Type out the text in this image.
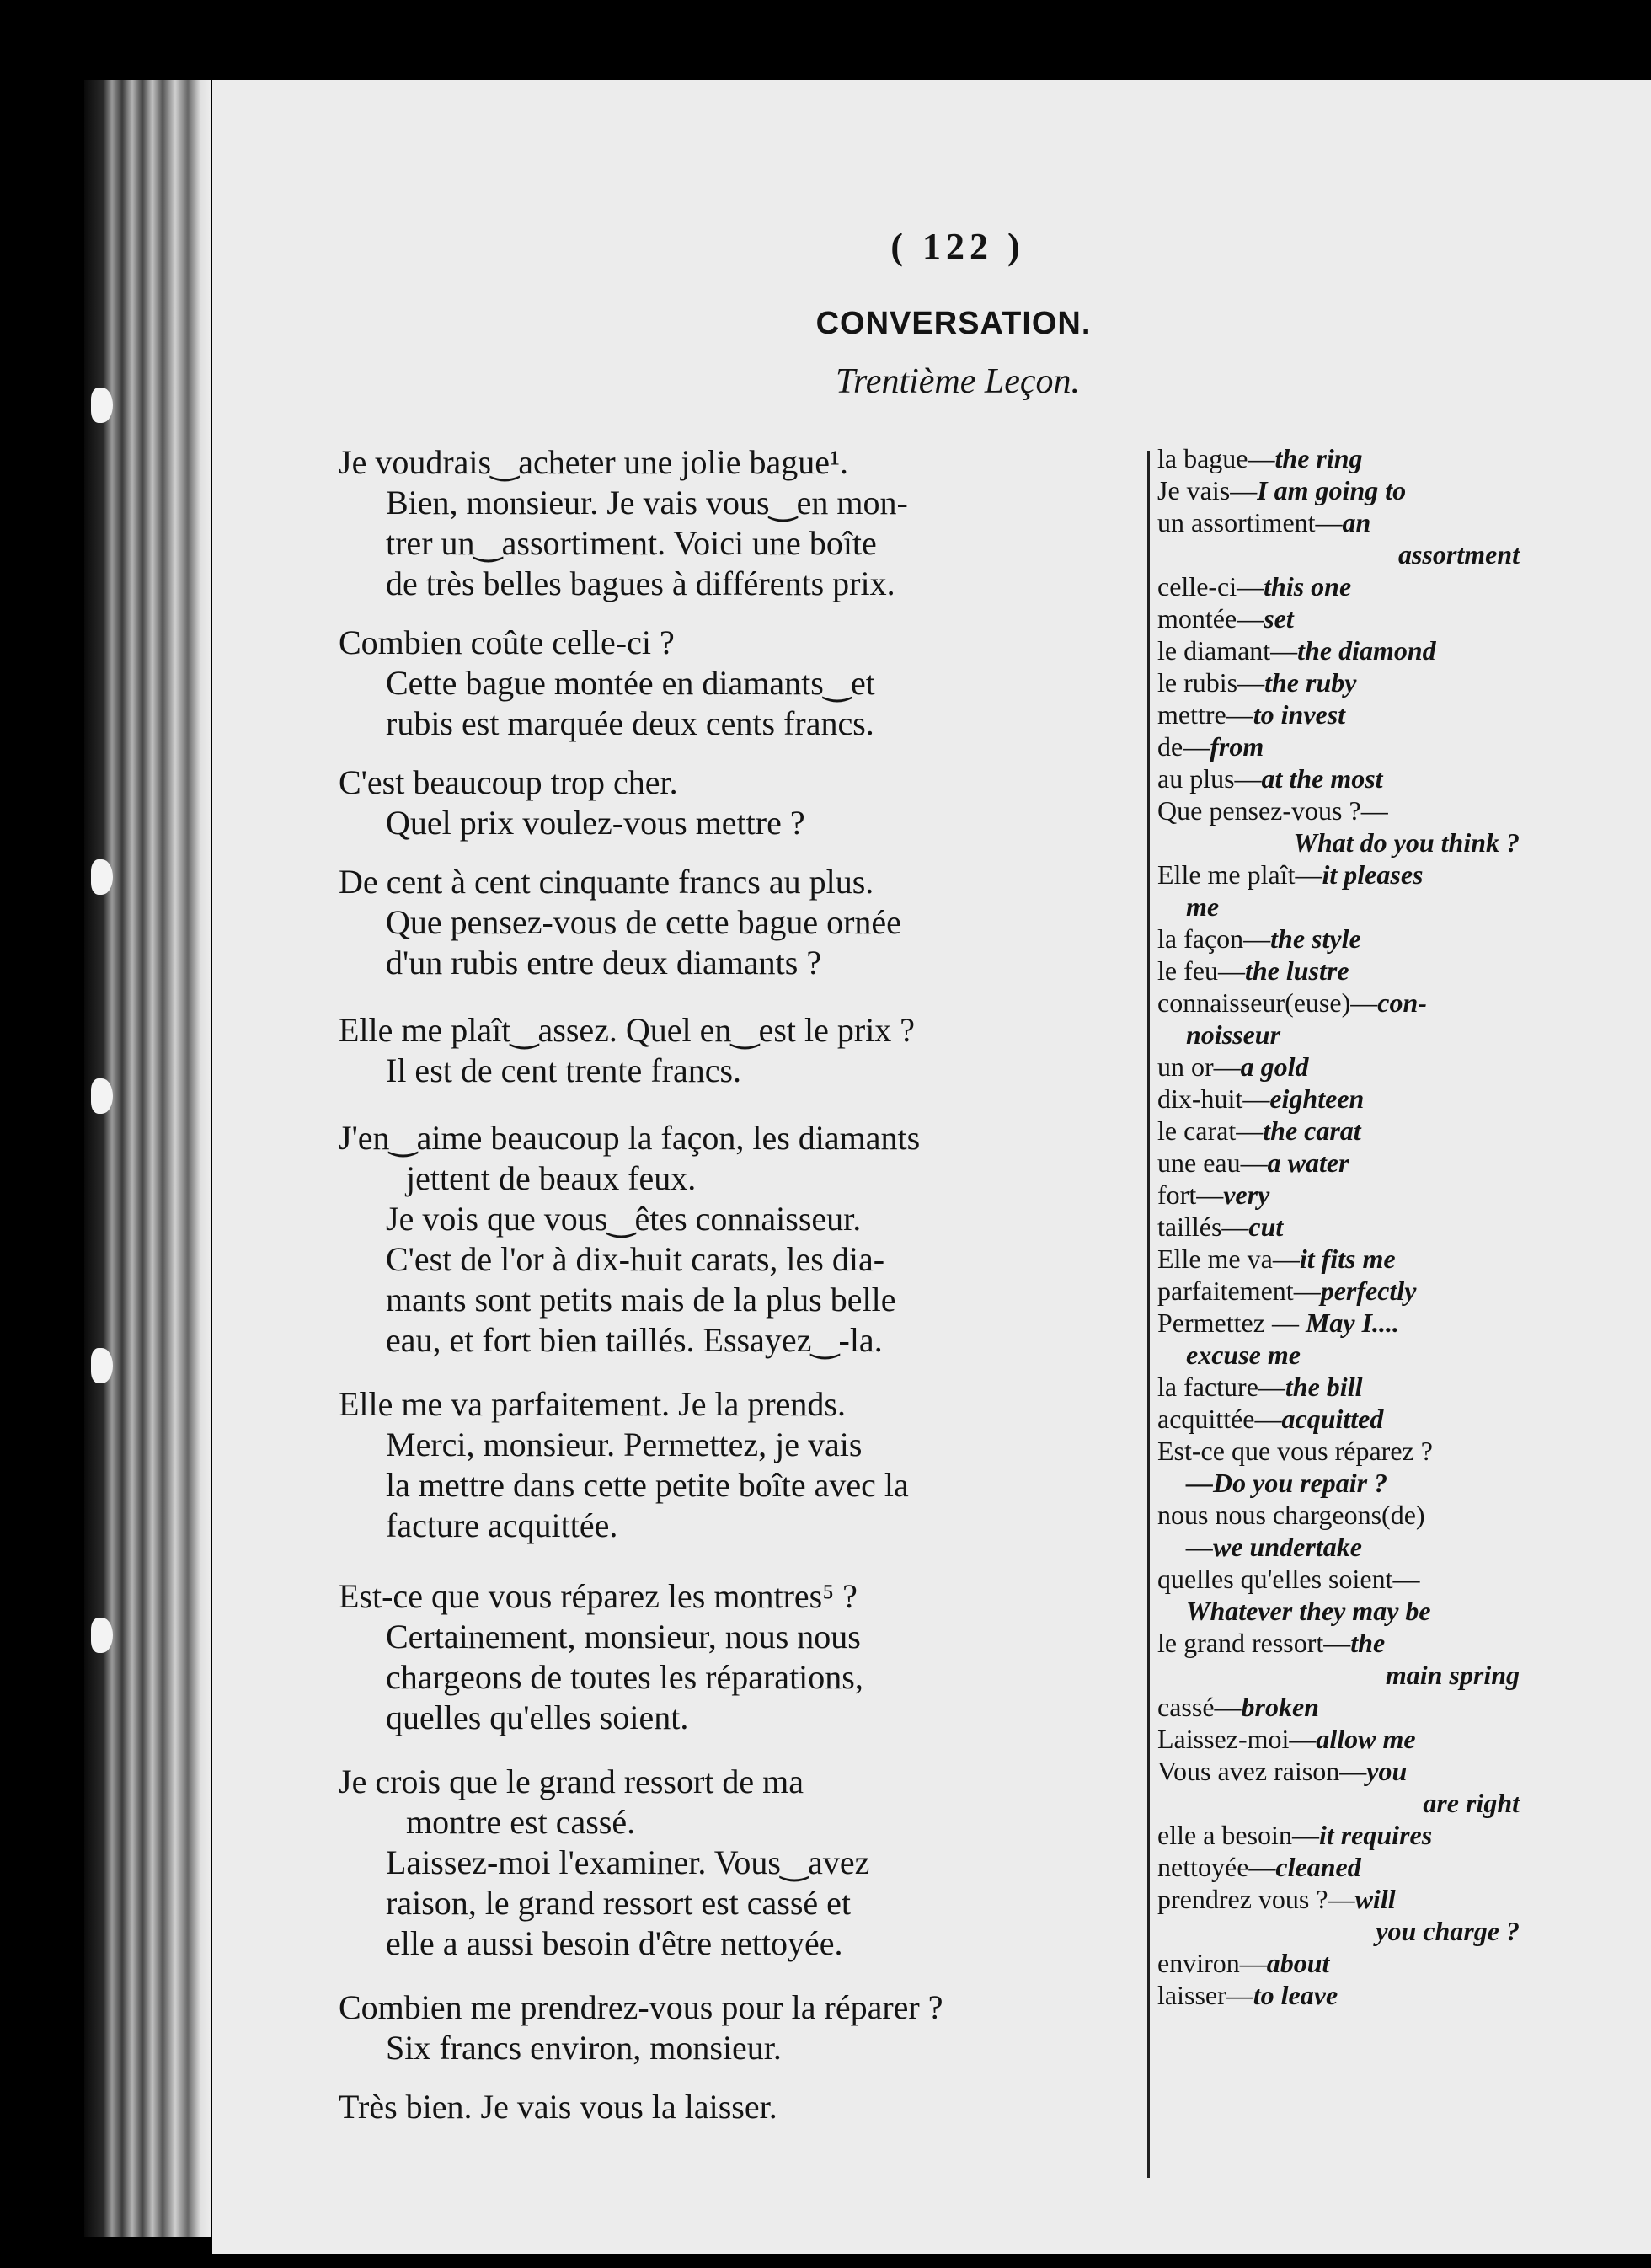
( 122 )
CONVERSATION.
Trentième Leçon.
Je voudrais‿acheter une jolie bague¹.
Bien, monsieur. Je vais vous‿en mon-
trer un‿assortiment. Voici une boîte
de très belles bagues à différents prix.
Combien coûte celle-ci ?
Cette bague montée en diamants‿et
rubis est marquée deux cents francs.
C'est beaucoup trop cher.
Quel prix voulez-vous mettre ?
De cent à cent cinquante francs au plus.
Que pensez-vous de cette bague ornée
d'un rubis entre deux diamants ?
Elle me plaît‿assez. Quel en‿est le prix ?
Il est de cent trente francs.
J'en‿aime beaucoup la façon, les diamants
jettent de beaux feux.
Je vois que vous‿êtes connaisseur.
C'est de l'or à dix-huit carats, les dia-
mants sont petits mais de la plus belle
eau, et fort bien taillés. Essayez‿-la.
Elle me va parfaitement. Je la prends.
Merci, monsieur. Permettez, je vais
la mettre dans cette petite boîte avec la
facture acquittée.
Est-ce que vous réparez les montres⁵ ?
Certainement, monsieur, nous nous
chargeons de toutes les réparations,
quelles qu'elles soient.
Je crois que le grand ressort de ma
montre est cassé.
Laissez-moi l'examiner. Vous‿avez
raison, le grand ressort est cassé et
elle a aussi besoin d'être nettoyée.
Combien me prendrez-vous pour la réparer ?
Six francs environ, monsieur.
Très bien. Je vais vous la laisser.
la bague—the ring
Je vais—I am going to
un assortiment—an
assortment
celle-ci—this one
montée—set
le diamant—the diamond
le rubis—the ruby
mettre—to invest
de—from
au plus—at the most
Que pensez-vous ?—
What do you think ?
Elle me plaît—it pleases
me
la façon—the style
le feu—the lustre
connaisseur(euse)—con-
noisseur
un or—a gold
dix-huit—eighteen
le carat—the carat
une eau—a water
fort—very
taillés—cut
Elle me va—it fits me
parfaitement—perfectly
Permettez — May I....
excuse me
la facture—the bill
acquittée—acquitted
Est-ce que vous réparez ?
—Do you repair ?
nous nous chargeons(de)
—we undertake
quelles qu'elles soient—
Whatever they may be
le grand ressort—the
main spring
cassé—broken
Laissez-moi—allow me
Vous avez raison—you
are right
elle a besoin—it requires
nettoyée—cleaned
prendrez vous ?—will
you charge ?
environ—about
laisser—to leave
